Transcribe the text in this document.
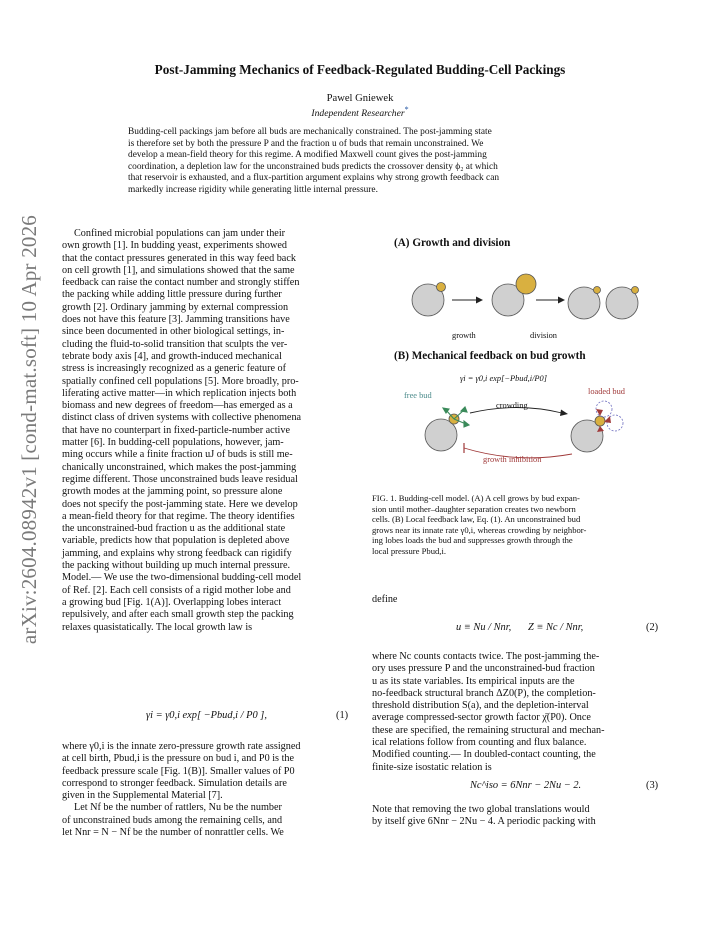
arXiv:2604.08942v1 [cond-mat.soft] 10 Apr 2026
Post-Jamming Mechanics of Feedback-Regulated Budding-Cell Packings
Pawel Gniewek
Independent Researcher*
Budding-cell packings jam before all buds are mechanically constrained. The post-jamming state
is therefore set by both the pressure P and the fraction u of buds that remain unconstrained. We
develop a mean-field theory for this regime. A modified Maxwell count gives the post-jamming
coordination, a depletion law for the unconstrained buds predicts the crossover density ϕ₂ at which
that reservoir is exhausted, and a flux-partition argument explains why strong growth feedback can
markedly increase rigidity while generating little internal pressure.
Confined microbial populations can jam under their
own growth [1]. In budding yeast, experiments showed
that the contact pressures generated in this way feed back
on cell growth [1], and simulations showed that the same
feedback can raise the contact number and strongly stiffen
the packing while adding little pressure during further
growth [2]. Ordinary jamming by external compression
does not have this feature [3]. Jamming transitions have
since been documented in other biological settings, in-
cluding the fluid-to-solid transition that sculpts the ver-
tebrate body axis [4], and growth-induced mechanical
stress is increasingly recognized as a generic feature of
spatially confined cell populations [5]. More broadly, pro-
liferating active matter—in which replication injects both
biomass and new degrees of freedom—has emerged as a
distinct class of driven systems with collective phenomena
that have no counterpart in fixed-particle-number active
matter [6]. In budding-cell populations, however, jam-
ming occurs while a finite fraction uJ of buds is still me-
chanically unconstrained, which makes the post-jamming
regime different. Those unconstrained buds leave residual
growth modes at the jamming point, so pressure alone
does not specify the post-jamming state. Here we develop
a mean-field theory for that regime. The theory identifies
the unconstrained-bud fraction u as the additional state
variable, predicts how that population is depleted above
jamming, and explains why strong feedback can rigidify
the packing without building up much internal pressure.
Model.— We use the two-dimensional budding-cell model
of Ref. [2]. Each cell consists of a rigid mother lobe and
a growing bud [Fig. 1(A)]. Overlapping lobes interact
repulsively, and after each small growth step the packing
relaxes quasistatically. The local growth law is
γi = γ0,i exp[ −Pbud,i / P0 ],	(1)
where γ0,i is the innate zero-pressure growth rate assigned
at cell birth, Pbud,i is the pressure on bud i, and P0 is the
feedback pressure scale [Fig. 1(B)]. Smaller values of P0
correspond to stronger feedback. Simulation details are
given in the Supplemental Material [7].
Let Nf be the number of rattlers, Nu be the number
of unconstrained buds among the remaining cells, and
let Nnr = N − Nf be the number of nonrattler cells. We
(A) Growth and division
growth	division
(B) Mechanical feedback on bud growth
γi = γ0,i exp[−Pbud,i/P0]
free bud	loaded bud
crowding
growth inhibition
FIG. 1. Budding-cell model. (A) A cell grows by bud expan-
sion until mother–daughter separation creates two newborn
cells. (B) Local feedback law, Eq. (1). An unconstrained bud
grows near its innate rate γ0,i, whereas crowding by neighbor-
ing lobes loads the bud and suppresses growth through the
local pressure Pbud,i.
define
u ≡ Nu / Nnr, Z ≡ Nc / Nnr,	(2)
where Nc counts contacts twice. The post-jamming the-
ory uses pressure P and the unconstrained-bud fraction
u as its state variables. Its empirical inputs are the
no-feedback structural branch ΔZ0(P), the completion-
threshold distribution S(a), and the depletion-interval
average compressed-sector growth factor χ̄(P0). Once
these are specified, the remaining structural and mechan-
ical relations follow from counting and flux balance.
Modified counting.— In doubled-contact counting, the
finite-size isostatic relation is
Nc^iso = 6Nnr − 2Nu − 2.	(3)
Note that removing the two global translations would
by itself give 6Nnr − 2Nu − 4. A periodic packing with
